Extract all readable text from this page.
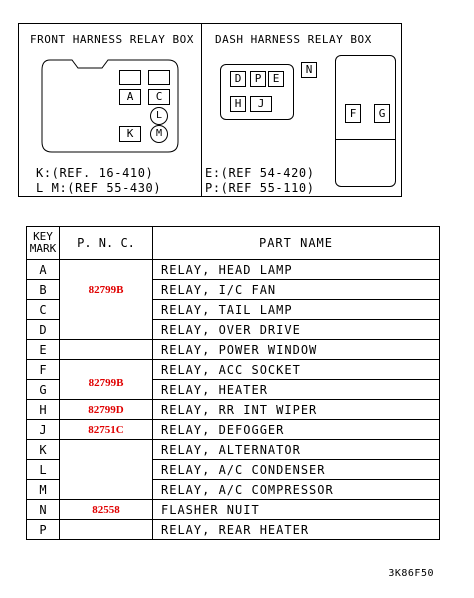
FRONT HARNESS RELAY BOX
A	C
L
K	M
K:(REF. 16-410)
L M:(REF 55-430)
DASH HARNESS RELAY BOX
D	P	E
N
H	J
F	G
E:(REF 54-420)
P:(REF 55-110)
KEY
MARK	P. N. C.	PART NAME
A		RELAY, HEAD LAMP
B	82799B	RELAY, I/C FAN
C		RELAY, TAIL LAMP
D		RELAY, OVER DRIVE
E		RELAY, POWER WINDOW
F		RELAY, ACC SOCKET
G	82799B	RELAY, HEATER
H	82799D	RELAY, RR INT WIPER
J	82751C	RELAY, DEFOGGER
K		RELAY, ALTERNATOR
L		RELAY, A/C CONDENSER
M		RELAY, A/C COMPRESSOR
N	82558	FLASHER NUIT
P		RELAY, REAR HEATER
3K86F50
